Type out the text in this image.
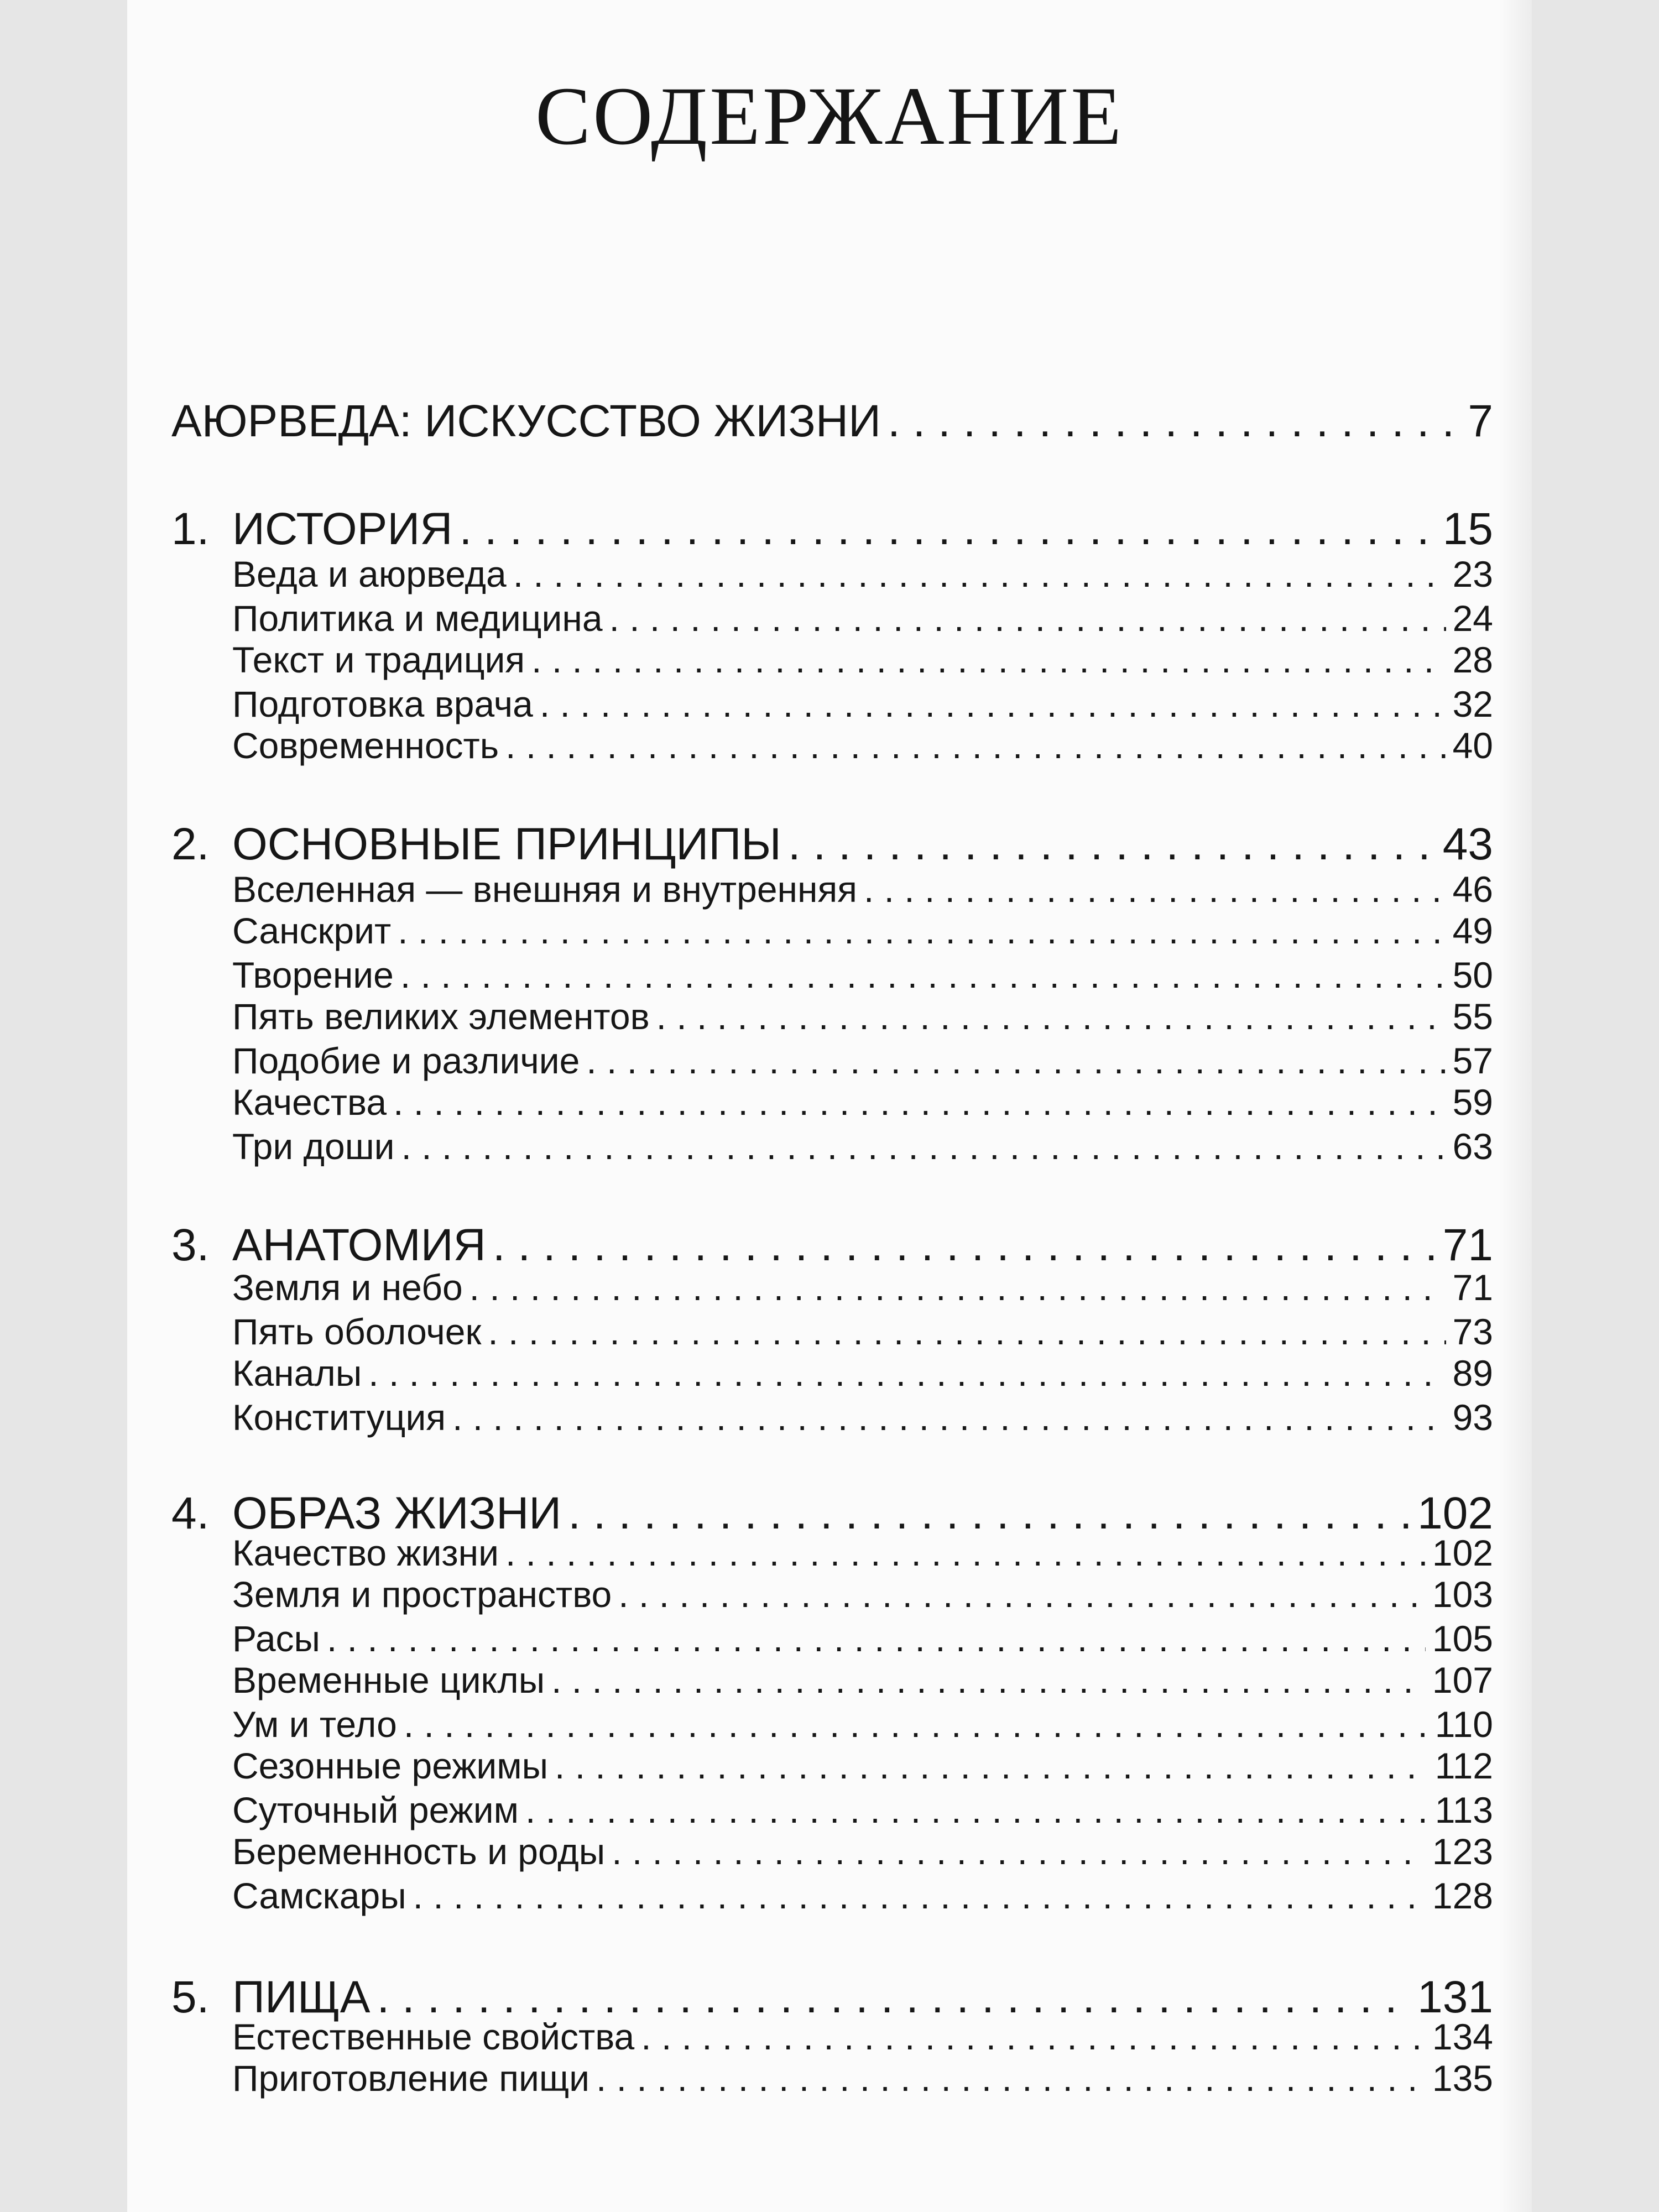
СОДЕРЖАНИЕ
АЮРВЕДА: ИСКУССТВО ЖИЗНИ . . .	7
1. ИСТОРИЯ . . .	15
Веда и аюрведа . . .	23
Политика и медицина . . .	24
Текст и традиция . . .	28
Подготовка врача . . .	32
Современность . . .	40
2. ОСНОВНЫЕ ПРИНЦИПЫ . . .	43
Вселенная — внешняя и внутренняя . . .	46
Санскрит . . .	49
Творение . . .	50
Пять великих элементов . . .	55
Подобие и различие . . .	57
Качества . . .	59
Три доши . . .	63
3. АНАТОМИЯ . . .	71
Земля и небо . . .	71
Пять оболочек . . .	73
Каналы . . .	89
Конституция . . .	93
4. ОБРАЗ ЖИЗНИ . . .	102
Качество жизни . . .	102
Земля и пространство . . .	103
Расы . . .	105
Временные циклы . . .	107
Ум и тело . . .	110
Сезонные режимы . . .	112
Суточный режим . . .	113
Беременность и роды . . .	123
Самскары . . .	128
5. ПИЩА . . .	131
Естественные свойства . . .	134
Приготовление пищи . . .	135
